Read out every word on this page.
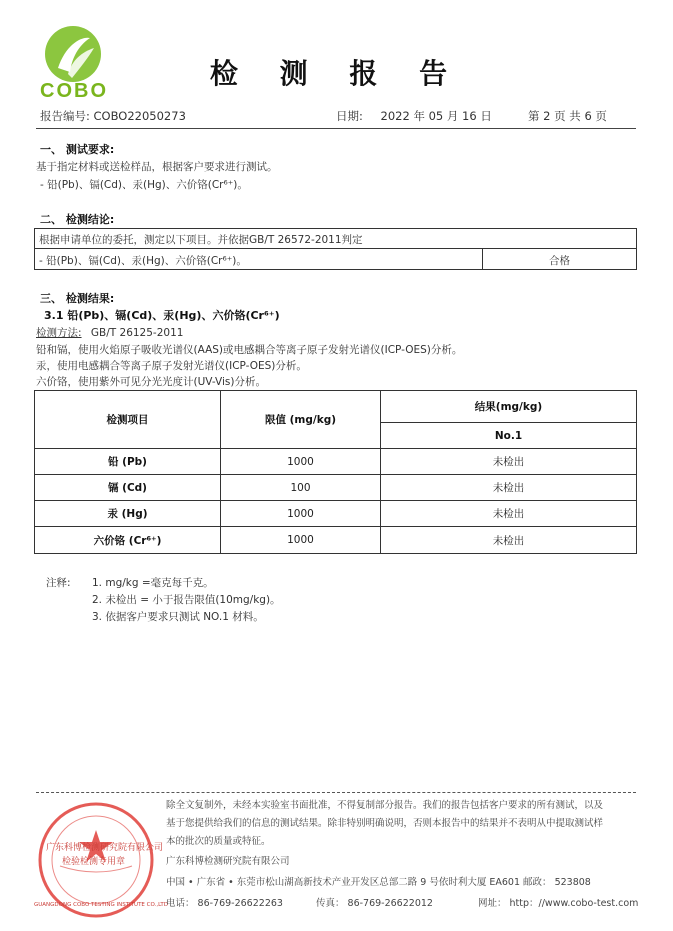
COBO
检 测 报 告
报告编号: COBO22050273	日期: 2022 年 05 月 16 日	第 2 页 共 6 页
一、 测试要求:
基于指定材料或送检样品，根据客户要求进行测试。
- 铅(Pb)、镉(Cd)、汞(Hg)、六价铬(Cr⁶⁺)。
二、 检测结论:
根据申请单位的委托，测定以下项目。并依据GB/T 26572-2011判定
- 铅(Pb)、镉(Cd)、汞(Hg)、六价铬(Cr⁶⁺)。	合格
三、 检测结果:
3.1 铅(Pb)、镉(Cd)、汞(Hg)、六价铬(Cr⁶⁺)
检测方法: GB/T 26125-2011
铅和镉，使用火焰原子吸收光谱仪(AAS)或电感耦合等离子原子发射光谱仪(ICP-OES)分析。
汞，使用电感耦合等离子原子发射光谱仪(ICP-OES)分析。
六价铬，使用紫外可见分光光度计(UV-Vis)分析。
检测项目	限值 (mg/kg)	结果(mg/kg)
		No.1
铅 (Pb)	1000	未检出
镉 (Cd)	100	未检出
汞 (Hg)	1000	未检出
六价铬 (Cr⁶⁺)	1000	未检出
注释: 1. mg/kg =毫克每千克。
2. 未检出 = 小于报告限值(10mg/kg)。
3. 依据客户要求只测试 NO.1 材料。
广东科博检测研究院有限公司
检验检测专用章
GUANGDONG COBO TESTING INSTITUTE CO.,LTD
除全文复制外，未经本实验室书面批准，不得复制部分报告。我们的报告包括客户要求的所有测试，以及
基于您提供给我们的信息的测试结果。除非特别明确说明，否则本报告中的结果并不表明从中提取测试样
本的批次的质量或特征。
广东科博检测研究院有限公司
中国 • 广东省 • 东莞市松山湖高新技术产业开发区总部二路 9 号依时利大厦 EA601 邮政： 523808
电话： 86-769-26622263	传真： 86-769-26622012	网址： http：//www.cobo-test.com
